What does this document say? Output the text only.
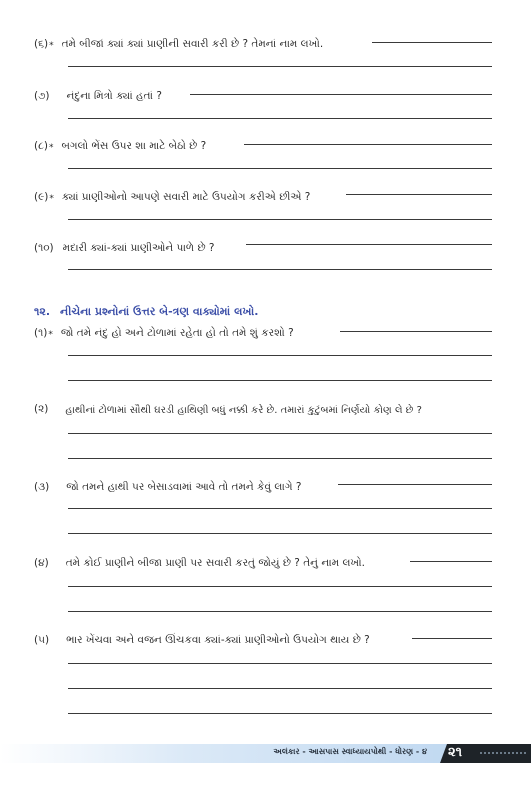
(૬) * તમે બીજાં ક્યાં ક્યાં પ્રાણીની સવારી કરી છે ? તેમનાં નામ લખો.
(૭) નંદુના મિત્રો ક્યાં હતાં ?
(૮) * બગલો ભેંસ ઉપર શા માટે બેઠો છે ?
(૯) * ક્યાં પ્રાણીઓનો આપણે સવારી માટે ઉપયોગ કરીએ છીએ ?
(૧૦) મદારી ક્યાં-ક્યાં પ્રાણીઓને પાળે છે ?
૧૨. નીચેના પ્રશ્નોનાં ઉત્તર બે-ત્રણ વાક્યોમાં લખો.
(૧) * જો તમે નંદુ હો અને ટોળામાં રહેતા હો તો તમે શું કરશો ?
(૨) હાથીનાં ટોળામાં સૌથી ઘરડી હાથિણી બધું નક્કી કરે છે. તમારાં કુટુંબમાં નિર્ણયો કોણ લે છે ?
(૩) જો તમને હાથી પર બેસાડવામાં આવે તો તમને કેવું લાગે ?
(૪) તમે કોઈ પ્રાણીને બીજા પ્રાણી પર સવારી કરતું જોયું છે ? તેનું નામ લખો.
(૫) ભાર ખેંચવા અને વજન ઊંચકવા ક્યાં-ક્યાં પ્રાણીઓનો ઉપયોગ થાય છે ?
અલંકાર - આસપાસ સ્વાધ્યાયપોથી - ધોરણ - ૪ ૨૧
